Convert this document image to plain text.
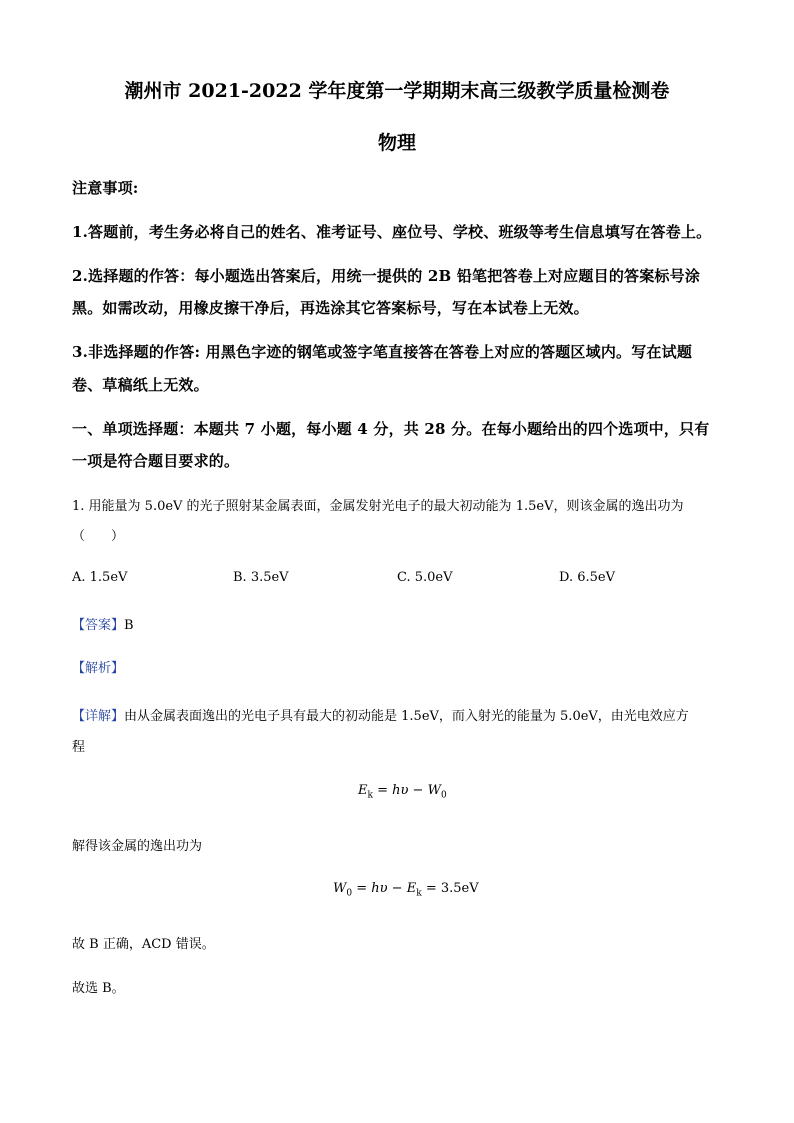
潮州市 2021-2022 学年度第一学期期末高三级教学质量检测卷
物理
注意事项:
1.答题前，考生务必将自己的姓名、准考证号、座位号、学校、班级等考生信息填写在答卷上。
2.选择题的作答：每小题选出答案后，用统一提供的 2B 铅笔把答卷上对应题目的答案标号涂
黑。如需改动，用橡皮擦干净后，再选涂其它答案标号，写在本试卷上无效。
3.非选择题的作答: 用黑色字迹的钢笔或签字笔直接答在答卷上对应的答题区域内。写在试题
卷、草稿纸上无效。
一、单项选择题：本题共 7 小题，每小题 4 分，共 28 分。在每小题给出的四个选项中，只有
一项是符合题目要求的。
1. 用能量为 5.0eV 的光子照射某金属表面，金属发射光电子的最大初动能为 1.5eV，则该金属的逸出功为
（　　）
A. 1.5eV	B. 3.5eV	C. 5.0eV	D. 6.5eV
【答案】B
【解析】
【详解】由从金属表面逸出的光电子具有最大的初动能是 1.5eV，而入射光的能量为 5.0eV，由光电效应方
程
$E_k = h\upsilon - W_0$
解得该金属的逸出功为
$W_0 = h\upsilon - E_k = 3.5eV$
故 B 正确，ACD 错误。
故选 B。
